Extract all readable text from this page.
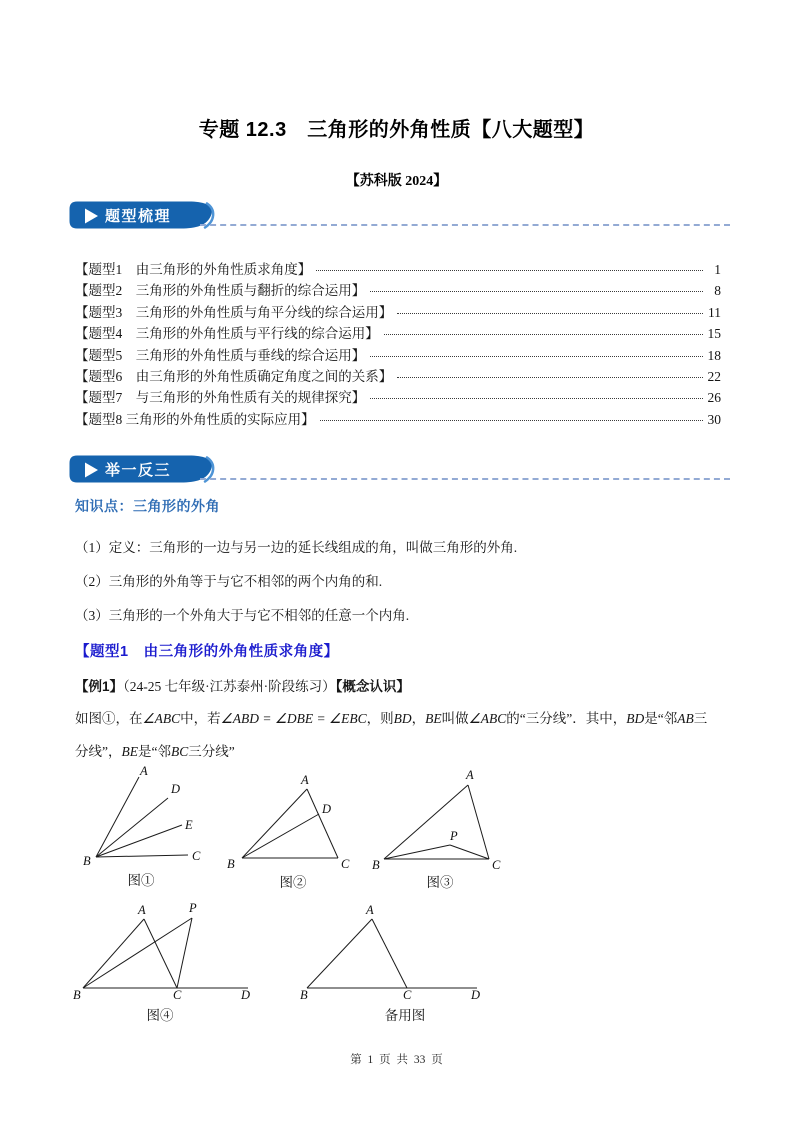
专题 12.3　三角形的外角性质【八大题型】
【苏科版 2024】
题型梳理
【题型1　由三角形的外角性质求角度】	1
【题型2　三角形的外角性质与翻折的综合运用】	8
【题型3　三角形的外角性质与角平分线的综合运用】	11
【题型4　三角形的外角性质与平行线的综合运用】	15
【题型5　三角形的外角性质与垂线的综合运用】	18
【题型6　由三角形的外角性质确定角度之间的关系】	22
【题型7　与三角形的外角性质有关的规律探究】	26
【题型8 三角形的外角性质的实际应用】	30
举一反三
知识点：三角形的外角
（1）定义：三角形的一边与另一边的延长线组成的角，叫做三角形的外角.
（2）三角形的外角等于与它不相邻的两个内角的和.
（3）三角形的一个外角大于与它不相邻的任意一个内角.
【题型1　由三角形的外角性质求角度】
【例1】（24-25 七年级·江苏泰州·阶段练习）【概念认识】
如图①，在∠ABC中，若∠ABD = ∠DBE = ∠EBC，则BD，BE叫做∠ABC的“三分线”．其中，BD是“邻AB三
分线”，BE是“邻BC三分线”
A
D
E
C
B
图①
A
D
B	C
图②
A
P
B	C
图③
A	P
B	C	D
图④
A
B	C	D
备用图
第 1 页 共 33 页
